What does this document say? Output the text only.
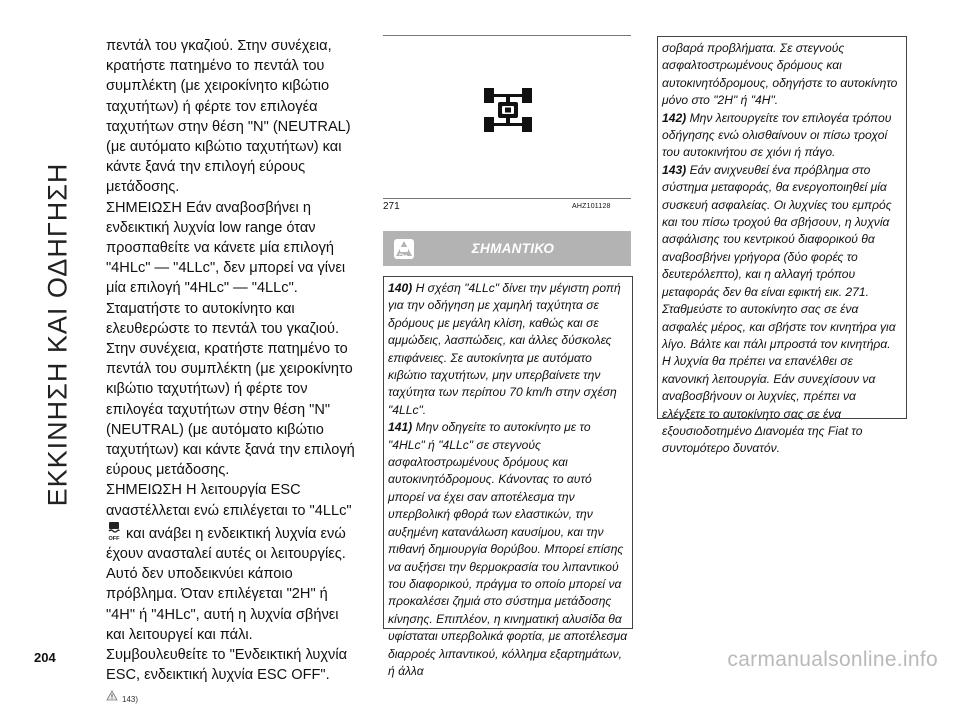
ΕΚΚΙΝΗΣΗ ΚΑΙ ΟΔΗΓΗΣΗ

πεντάλ του γκαζιού. Στην συνέχεια, κρατήστε πατημένο το πεντάλ του συμπλέκτη (με χειροκίνητο κιβώτιο ταχυτήτων) ή φέρτε τον επιλογέα ταχυτήτων στην θέση "N" (NEUTRAL) (με αυτόματο κιβώτιο ταχυτήτων) και κάντε ξανά την επιλογή εύρους μετάδοσης.

ΣΗΜΕΙΩΣΗ Εάν αναβοσβήνει η ενδεικτική λυχνία low range όταν προσπαθείτε να κάνετε μία επιλογή "4HLc" — "4LLc", δεν μπορεί να γίνει μία επιλογή "4HLc" — "4LLc". Σταματήστε το αυτοκίνητο και ελευθερώστε το πεντάλ του γκαζιού. Στην συνέχεια, κρατήστε πατημένο το πεντάλ του συμπλέκτη (με χειροκίνητο κιβώτιο ταχυτήτων) ή φέρτε τον επιλογέα ταχυτήτων στην θέση "N" (NEUTRAL) (με αυτόματο κιβώτιο ταχυτήτων) και κάντε ξανά την επιλογή εύρους μετάδοσης.

ΣΗΜΕΙΩΣΗ Η λειτουργία ESC αναστέλλεται ενώ επιλέγεται το "4LLc"
OFF και ανάβει η ενδεικτική λυχνία ενώ έχουν ανασταλεί αυτές οι λειτουργίες. Αυτό δεν υποδεικνύει κάποιο πρόβλημα. Όταν επιλέγεται "2H" ή "4H" ή "4HLc", αυτή η λυχνία σβήνει και λειτουργεί και πάλι. Συμβουλευθείτε το "Ενδεικτική λυχνία ESC, ενδεικτική λυχνία ESC OFF".

143)
271	AHZ101128
ΣΗΜΑΝΤΙΚΟ

140) Η σχέση "4LLc" δίνει την μέγιστη ροπή για την οδήγηση με χαμηλή ταχύτητα σε δρόμους με μεγάλη κλίση, καθώς και σε αμμώδεις, λασπώδεις, και άλλες δύσκολες επιφάνειες. Σε αυτοκίνητα με αυτόματο κιβώτιο ταχυτήτων, μην υπερβαίνετε την ταχύτητα των περίπου 70 km/h στην σχέση "4LLc".

141) Μην οδηγείτε το αυτοκίνητο με το "4HLc" ή "4LLc" σε στεγνούς ασφαλτοστρωμένους δρόμους και αυτοκινητόδρομους. Κάνοντας το αυτό μπορεί να έχει σαν αποτέλεσμα την υπερβολική φθορά των ελαστικών, την αυξημένη κατανάλωση καυσίμου, και την πιθανή δημιουργία θορύβου. Μπορεί επίσης να αυξήσει την θερμοκρασία του λιπαντικού του διαφορικού, πράγμα το οποίο μπορεί να προκαλέσει ζημιά στο σύστημα μετάδοσης κίνησης. Επιπλέον, η κινηματική αλυσίδα θα υφίσταται υπερβολικά φορτία, με αποτέλεσμα διαρροές λιπαντικού, κόλλημα εξαρτημάτων, ή άλλα

σοβαρά προβλήματα. Σε στεγνούς ασφαλτοστρωμένους δρόμους και αυτοκινητόδρομους, οδηγήστε το αυτοκίνητο μόνο στο "2H" ή "4H".

142) Μην λειτουργείτε τον επιλογέα τρόπου οδήγησης ενώ ολισθαίνουν οι πίσω τροχοί του αυτοκινήτου σε χιόνι ή πάγο.

143) Εάν ανιχνευθεί ένα πρόβλημα στο σύστημα μεταφοράς, θα ενεργοποιηθεί μία συσκευή ασφαλείας. Οι λυχνίες του εμπρός και του πίσω τροχού θα σβήσουν, η λυχνία ασφάλισης του κεντρικού διαφορικού θα αναβοσβήνει γρήγορα (δύο φορές το δευτερόλεπτο), και η αλλαγή τρόπου μεταφοράς δεν θα είναι εφικτή εικ. 271. Σταθμεύστε το αυτοκίνητο σας σε ένα ασφαλές μέρος, και σβήστε τον κινητήρα για λίγο. Βάλτε και πάλι μπροστά τον κινητήρα. Η λυχνία θα πρέπει να επανέλθει σε κανονική λειτουργία. Εάν συνεχίσουν να αναβοσβήνουν οι λυχνίες, πρέπει να ελέγξετε το αυτοκίνητο σας σε ένα εξουσιοδοτημένο Διανομέα της Fiat το συντομότερο δυνατόν.

204	carmanualsonline.info
